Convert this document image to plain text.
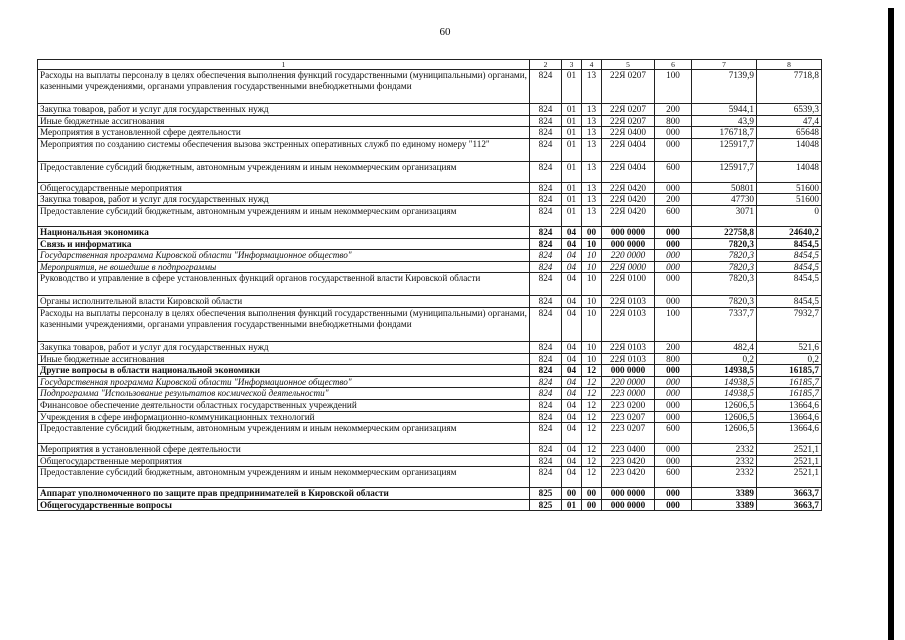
60
1	2	3	4	5	6	7	8
Расходы на выплаты персоналу в целях обеспечения выполнения функций государственными (муниципальными) органами, казенными учреждениями, органами управления государственными внебюджетными фондами	824	01	13	22Я 0207	100	7139,9	7718,8
Закупка товаров, работ и услуг для государственных нужд	824	01	13	22Я 0207	200	5944,1	6539,3
Иные бюджетные ассигнования	824	01	13	22Я 0207	800	43,9	47,4
Мероприятия в установленной сфере деятельности	824	01	13	22Я 0400	000	176718,7	65648
Мероприятия по созданию системы обеспечения вызова экстренных оперативных служб по единому номеру "112"	824	01	13	22Я 0404	000	125917,7	14048
Предоставление субсидий бюджетным, автономным учреждениям и иным некоммерческим организациям	824	01	13	22Я 0404	600	125917,7	14048
Общегосударственные мероприятия	824	01	13	22Я 0420	000	50801	51600
Закупка товаров, работ и услуг для государственных нужд	824	01	13	22Я 0420	200	47730	51600
Предоставление субсидий бюджетным, автономным учреждениям и иным некоммерческим организациям	824	01	13	22Я 0420	600	3071	0
Национальная экономика	824	04	00	000 0000	000	22758,8	24640,2
Связь и информатика	824	04	10	000 0000	000	7820,3	8454,5
Государственная программа Кировской области "Информационное общество"	824	04	10	220 0000	000	7820,3	8454,5
Мероприятия, не вошедшие в подпрограммы	824	04	10	22Я 0000	000	7820,3	8454,5
Руководство и управление в сфере установленных функций органов государственной власти Кировской области	824	04	10	22Я 0100	000	7820,3	8454,5
Органы исполнительной власти Кировской области	824	04	10	22Я 0103	000	7820,3	8454,5
Расходы на выплаты персоналу в целях обеспечения выполнения функций государственными (муниципальными) органами, казенными учреждениями, органами управления государственными внебюджетными фондами	824	04	10	22Я 0103	100	7337,7	7932,7
Закупка товаров, работ и услуг для государственных нужд	824	04	10	22Я 0103	200	482,4	521,6
Иные бюджетные ассигнования	824	04	10	22Я 0103	800	0,2	0,2
Другие вопросы в области национальной экономики	824	04	12	000 0000	000	14938,5	16185,7
Государственная программа Кировской области "Информационное общество"	824	04	12	220 0000	000	14938,5	16185,7
Подпрограмма "Использование результатов космической деятельности"	824	04	12	223 0000	000	14938,5	16185,7
Финансовое обеспечение деятельности областных государственных учреждений	824	04	12	223 0200	000	12606,5	13664,6
Учреждения в сфере информационно-коммуникационных технологий	824	04	12	223 0207	000	12606,5	13664,6
Предоставление субсидий бюджетным, автономным учреждениям и иным некоммерческим организациям	824	04	12	223 0207	600	12606,5	13664,6
Мероприятия в установленной сфере деятельности	824	04	12	223 0400	000	2332	2521,1
Общегосударственные мероприятия	824	04	12	223 0420	000	2332	2521,1
Предоставление субсидий бюджетным, автономным учреждениям и иным некоммерческим организациям	824	04	12	223 0420	600	2332	2521,1
Аппарат уполномоченного по защите прав предпринимателей в Кировской области	825	00	00	000 0000	000	3389	3663,7
Общегосударственные вопросы	825	01	00	000 0000	000	3389	3663,7
